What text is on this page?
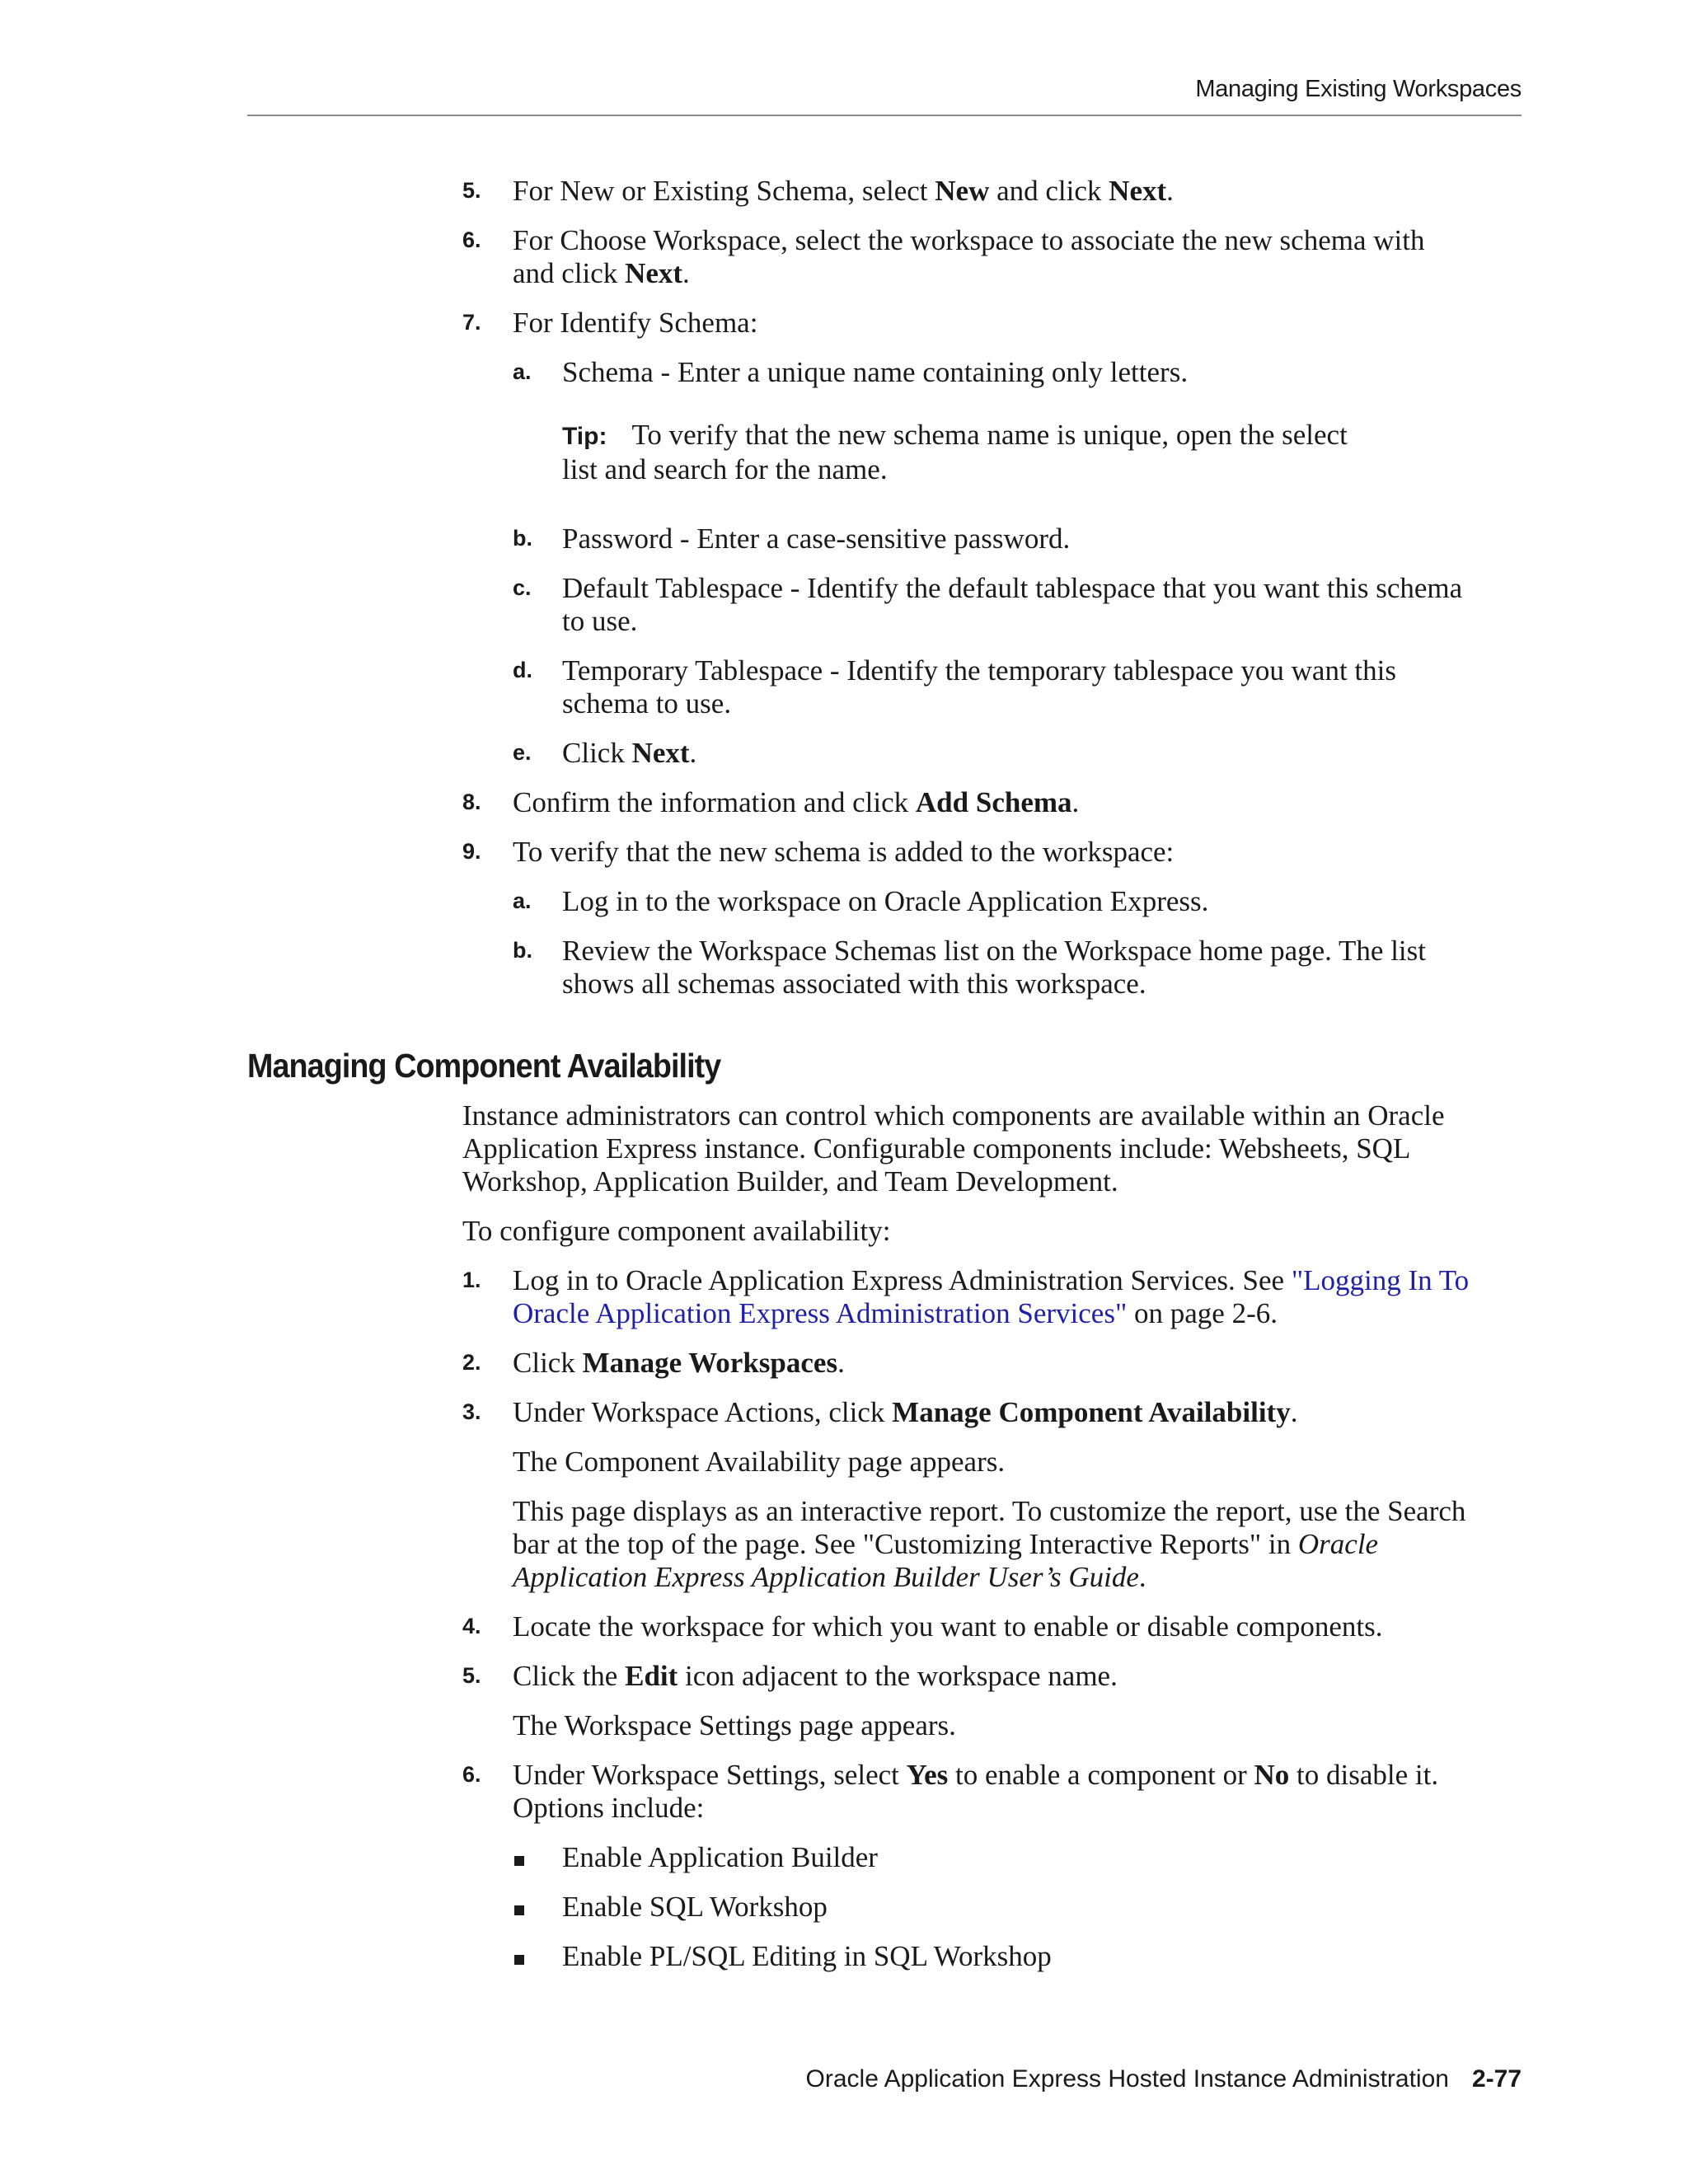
Managing Existing Workspaces
5. For New or Existing Schema, select New and click Next.
6. For Choose Workspace, select the workspace to associate the new schema with
and click Next.
7. For Identify Schema:
a. Schema - Enter a unique name containing only letters.
Tip: To verify that the new schema name is unique, open the select
list and search for the name.
b. Password - Enter a case-sensitive password.
c. Default Tablespace - Identify the default tablespace that you want this schema
to use.
d. Temporary Tablespace - Identify the temporary tablespace you want this
schema to use.
e. Click Next.
8. Confirm the information and click Add Schema.
9. To verify that the new schema is added to the workspace:
a. Log in to the workspace on Oracle Application Express.
b. Review the Workspace Schemas list on the Workspace home page. The list
shows all schemas associated with this workspace.
Managing Component Availability
Instance administrators can control which components are available within an Oracle
Application Express instance. Configurable components include: Websheets, SQL
Workshop, Application Builder, and Team Development.
To configure component availability:
1. Log in to Oracle Application Express Administration Services. See "Logging In To
Oracle Application Express Administration Services" on page 2-6.
2. Click Manage Workspaces.
3. Under Workspace Actions, click Manage Component Availability.
The Component Availability page appears.
This page displays as an interactive report. To customize the report, use the Search
bar at the top of the page. See "Customizing Interactive Reports" in Oracle
Application Express Application Builder User’s Guide.
4. Locate the workspace for which you want to enable or disable components.
5. Click the Edit icon adjacent to the workspace name.
The Workspace Settings page appears.
6. Under Workspace Settings, select Yes to enable a component or No to disable it.
Options include:
Enable Application Builder
Enable SQL Workshop
Enable PL/SQL Editing in SQL Workshop
Oracle Application Express Hosted Instance Administration 2-77
